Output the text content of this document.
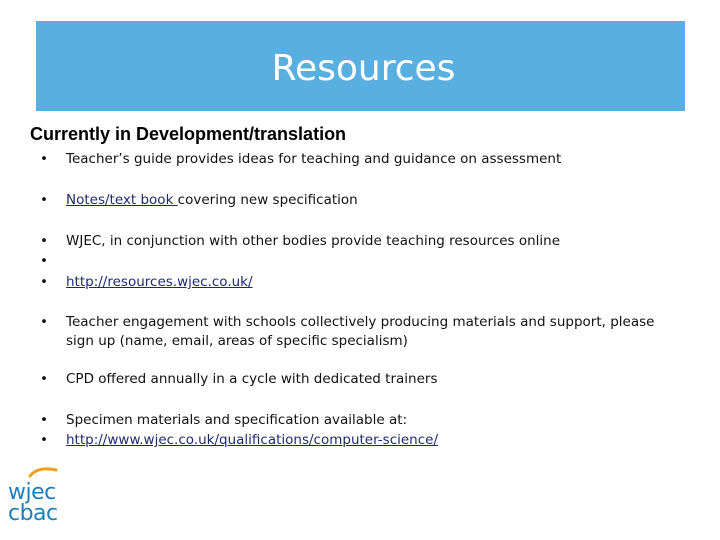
Resources
Currently in Development/translation
• Teacher’s guide provides ideas for teaching and guidance on assessment
• Notes/text book covering new specification
• WJEC, in conjunction with other bodies provide teaching resources online
•
• http://resources.wjec.co.uk/
• Teacher engagement with schools collectively producing materials and support, please
sign up (name, email, areas of specific specialism)
• CPD offered annually in a cycle with dedicated trainers
• Specimen materials and specification available at:
• http://www.wjec.co.uk/qualifications/computer-science/
wjec
cbac
